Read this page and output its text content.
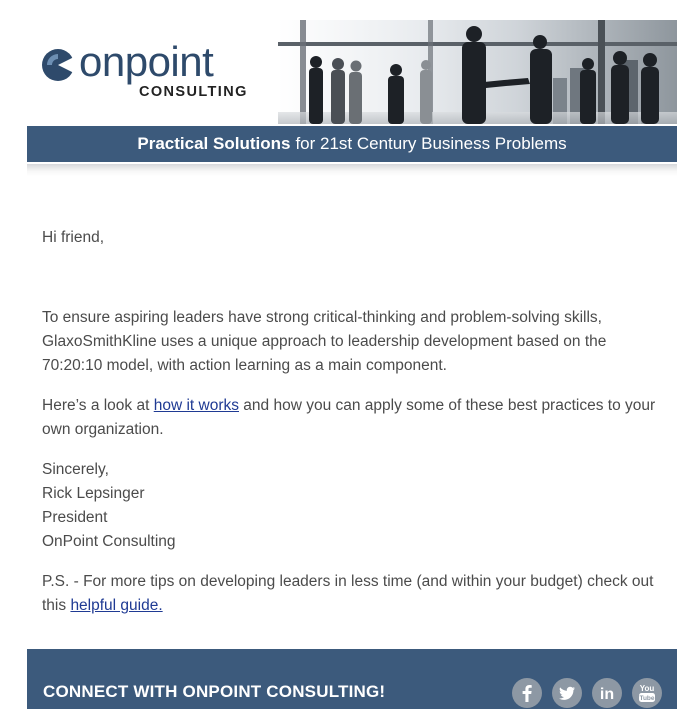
onpoint
CONSULTING
Practical Solutions for 21st Century Business Problems

Hi friend,

To ensure aspiring leaders have strong critical-thinking and problem-solving skills, GlaxoSmithKline uses a unique approach to leadership development based on the 70:20:10 model, with action learning as a main component.

Here’s a look at how it works and how you can apply some of these best practices to your own organization.

Sincerely,

Rick Lepsinger

President

OnPoint Consulting

P.S. - For more tips on developing leaders in less time (and within your budget) check out this helpful guide.

CONNECT WITH ONPOINT CONSULTING!	in	You
Tube
